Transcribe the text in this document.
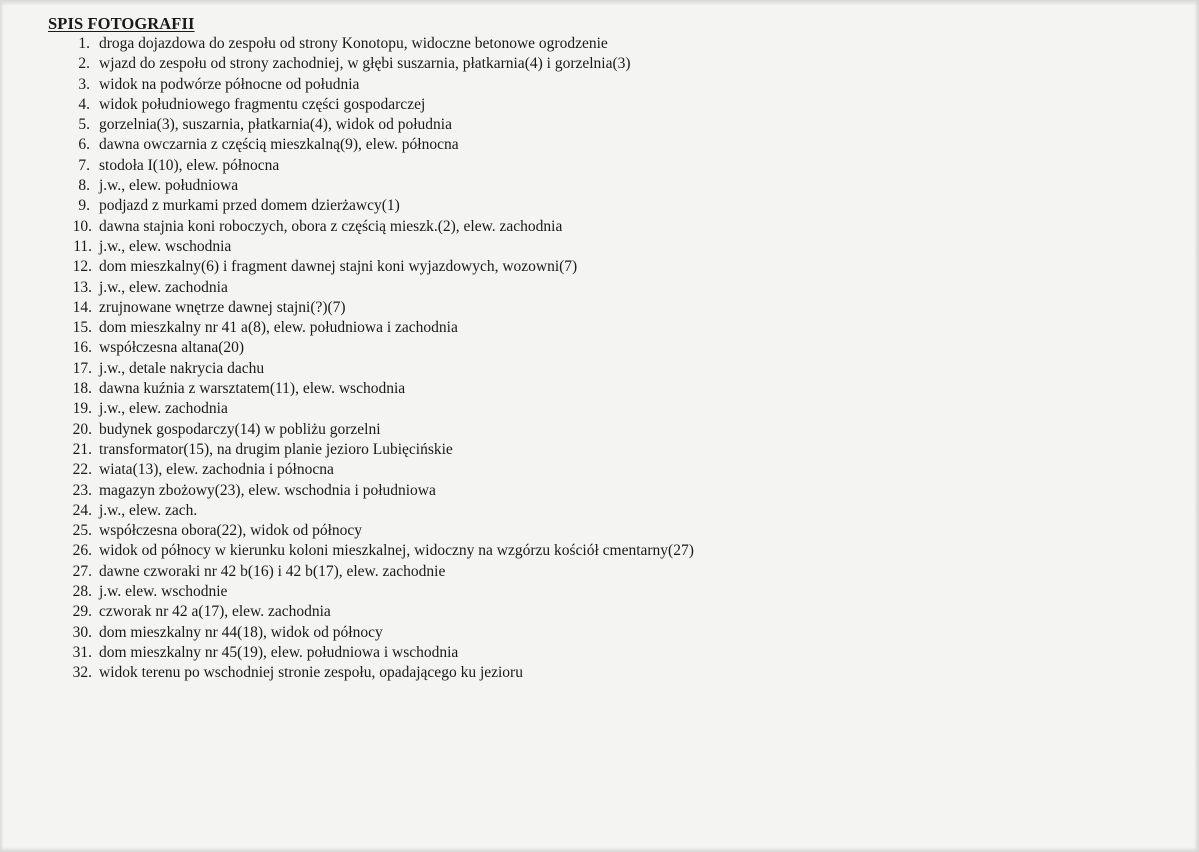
SPIS FOTOGRAFII
1. droga dojazdowa do zespołu od strony Konotopu, widoczne betonowe ogrodzenie
2. wjazd do zespołu od strony zachodniej, w głębi suszarnia, płatkarnia(4) i gorzelnia(3)
3. widok na podwórze północne od południa
4. widok południowego fragmentu części gospodarczej
5. gorzelnia(3), suszarnia, płatkarnia(4), widok od południa
6. dawna owczarnia z częścią mieszkalną(9), elew. północna
7. stodoła I(10), elew. północna
8. j.w., elew. południowa
9. podjazd z murkami przed domem dzierżawcy(1)
10. dawna stajnia koni roboczych, obora z częścią mieszk.(2), elew. zachodnia
11. j.w., elew. wschodnia
12. dom mieszkalny(6) i fragment dawnej stajni koni wyjazdowych, wozowni(7)
13. j.w., elew. zachodnia
14. zrujnowane wnętrze dawnej stajni(?)(7)
15. dom mieszkalny nr 41 a(8), elew. południowa i zachodnia
16. współczesna altana(20)
17. j.w., detale nakrycia dachu
18. dawna kuźnia z warsztatem(11), elew. wschodnia
19. j.w., elew. zachodnia
20. budynek gospodarczy(14) w pobliżu gorzelni
21. transformator(15), na drugim planie jezioro Lubięcińskie
22. wiata(13), elew. zachodnia i północna
23. magazyn zbożowy(23), elew. wschodnia i południowa
24. j.w., elew. zach.
25. współczesna obora(22), widok od północy
26. widok od północy w kierunku koloni mieszkalnej, widoczny na wzgórzu kościół cmentarny(27)
27. dawne czworaki nr 42 b(16) i 42 b(17), elew. zachodnie
28. j.w. elew. wschodnie
29. czworak nr 42 a(17), elew. zachodnia
30. dom mieszkalny nr 44(18), widok od północy
31. dom mieszkalny nr 45(19), elew. południowa i wschodnia
32. widok terenu po wschodniej stronie zespołu, opadającego ku jezioru
